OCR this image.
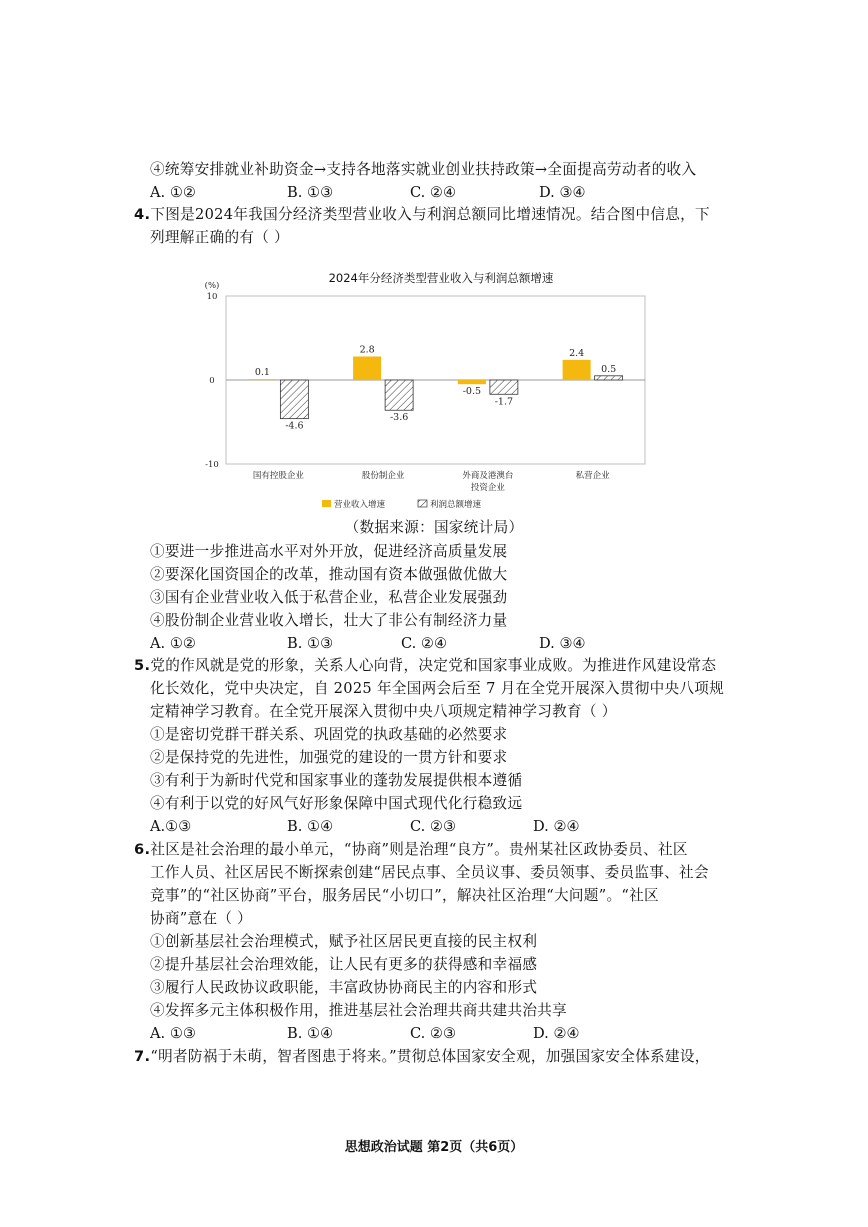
④统筹安排就业补助资金→支持各地落实就业创业扶持政策→全面提高劳动者的收入
A. ①②	B. ①③	C. ②④	D. ③④
4.下图是2024年我国分经济类型营业收入与利润总额同比增速情况。结合图中信息，下
列理解正确的有（ ）
2024年分经济类型营业收入与利润总额增速
(%)
10
0
-10
0.1
-4.6
国有控股企业
2.8
-3.6
股份制企业
-0.5
-1.7
外商及港澳台
投资企业
2.4
0.5
私营企业
营业收入增速	利润总额增速
（数据来源：国家统计局）
①要进一步推进高水平对外开放，促进经济高质量发展
②要深化国资国企的改革，推动国有资本做强做优做大
③国有企业营业收入低于私营企业，私营企业发展强劲
④股份制企业营业收入增长，壮大了非公有制经济力量
A. ①②	B. ①③	C. ②④	D. ③④
5.党的作风就是党的形象，关系人心向背，决定党和国家事业成败。为推进作风建设常态
化长效化，党中央决定，自 2025 年全国两会后至 7 月在全党开展深入贯彻中央八项规
定精神学习教育。在全党开展深入贯彻中央八项规定精神学习教育（ ）
①是密切党群干群关系、巩固党的执政基础的必然要求
②是保持党的先进性，加强党的建设的一贯方针和要求
③有利于为新时代党和国家事业的蓬勃发展提供根本遵循
④有利于以党的好风气好形象保障中国式现代化行稳致远
A.①③	B. ①④	C. ②③	D. ②④
6.社区是社会治理的最小单元，“协商”则是治理“良方”。贵州某社区政协委员、社区
工作人员、社区居民不断探索创建“居民点事、全员议事、委员领事、委员监事、社会
竞事”的“社区协商”平台，服务居民“小切口”，解决社区治理“大问题”。“社区
协商”意在（ ）
①创新基层社会治理模式，赋予社区居民更直接的民主权利
②提升基层社会治理效能，让人民有更多的获得感和幸福感
③履行人民政协议政职能，丰富政协协商民主的内容和形式
④发挥多元主体积极作用，推进基层社会治理共商共建共治共享
A. ①③	B. ①④	C. ②③	D. ②④
7.“明者防祸于未萌，智者图患于将来。”贯彻总体国家安全观，加强国家安全体系建设，
思想政治试题 第2页（共6页）
